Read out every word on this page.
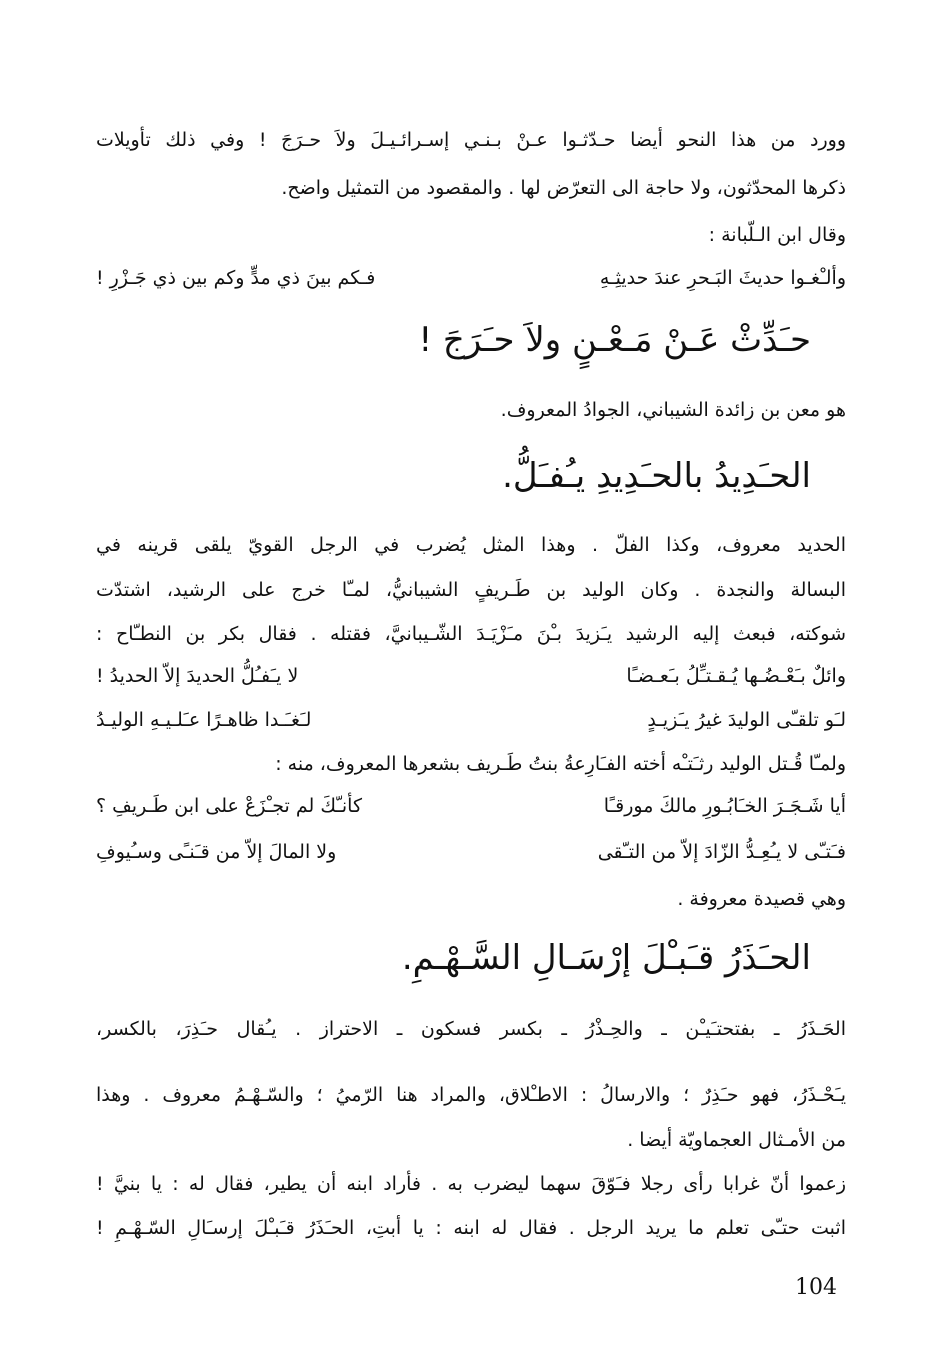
وورد من هذا النحو أيضا حـدّثـوا عـنْ بـنـي إسـرائـيـلَ ولاَ حـرَجَ ! وفي ذلك تأويلات
ذكرها المحدّثون، ولا حاجة الى التعرّض لها . والمقصود من التمثيل واضح.
وقال ابن الـلّبانة :
وألـْغـوا حديثَ البَـحرِ عندَ حديثِـهِ
فـكم بينَ ذي مدٍّ وكم بين ذي جَـزْرِ !
حـَدِّثْ عَـنْ مَـعْـنٍ ولاَ حـَرَجَ !
هو معن بن زائدة الشيباني، الجوادُ المعروف.
الحـَدِيدُ بالحـَدِيدِ يـُفـَلُّ.
الحديد معروف، وكذا الفلّ . وهذا المثل يُضرب في الرجل القويّ يلقى قرينه في
البسالة والنجدة . وكان الوليد بن طَـريفٍ الشيبانيُّ، لمـّا خرج على الرشيد، اشتدّت
شوكته، فبعث إليه الرشيد يـَزيدَ بـْنَ مـَزْيَـدَ الشّـيبانيَّ، فقتله . فقال بكر بن النطـّاح :
وائلٌ بـَعْـضُـها يُـقـتـِّلُ بـَعـضـًا
لا يـَفـُلُّ الحديدَ إلاّ الحديدُ !
لـَو تلقـّى الوليدَ غيرُ يـَزيـدٍ
لـَغـَـدا ظاهـرًا عـَلـيـهِ الوليـدُ
ولمـّا قُـتل الوليد رثـَتـْه أخته الفـَارِعةُ بنتُ طَـريف بشعرها المعروف، منه :
أيا شَـجَـرَ الخـَابُـورِ مالكَ مورقـًا
كأنـّكَ لم تجـْزَعْ على ابن طَـريفِ ؟
فـَتـّى لا يـُعِـدُّ الزّادَ إلاّ من التـّقى
ولا المالَ إلاّ من قـَنـًى وسـُيوفِ
وهي قصيدة معروفة .
الحـَذَرُ قـَبـْلَ إرْسَـالِ السَّـهْـمِ.
الحَـذَرُ ـ بفتحتـَيـْن ـ والحِـذْرُ ـ بكسر فسكون ـ الاحتراز . يـُقال حـَذِرَ، بالكسر،
يـَحْـذَرُ، فهو حـَذِرٌ ؛ والارسالُ : الاطـْلاق، والمراد هنا الرّميُ ؛ والسّـهْـمُ معروف . وهذا
من الأمـثال العجماويّة أيضا .
زعموا أنّ غرابا رأى رجلا فـَوّقَ سهما ليضرب به . فأراد ابنه أن يطير، فقال له : يا بنيَّ !
اثبت حتـّى تعلم ما يريد الرجل . فقال له ابنه : يا أبتِ، الحـَذَرُ قـَبـْلَ إرسـَالِ السّـهْـمِ !
104
